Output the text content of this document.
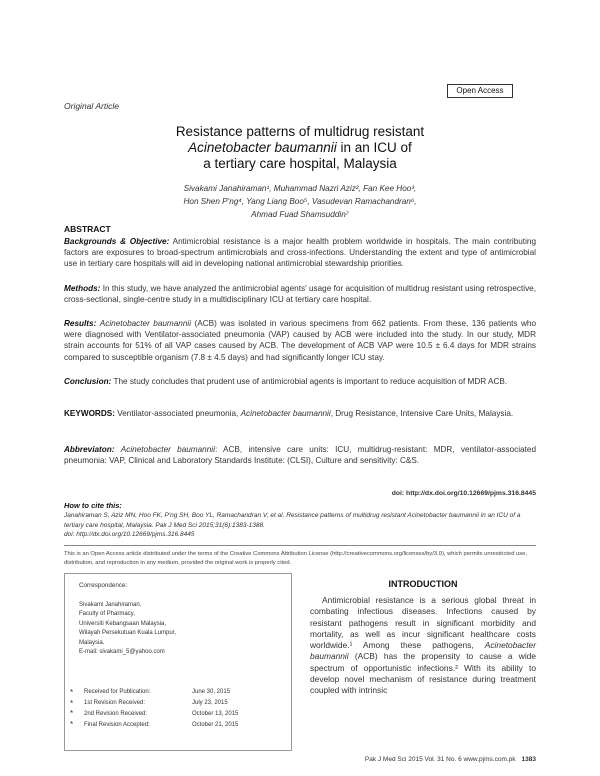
Open Access
Original Article
Resistance patterns of multidrug resistant
Acinetobacter baumannii in an ICU of
a tertiary care hospital, Malaysia
Sivakami Janahiraman¹, Muhammad Nazri Aziz², Fan Kee Hoo³,
Hon Shen P'ng⁴, Yang Liang Boo⁵, Vasudevan Ramachandran⁶,
Ahmad Fuad Shamsuddin⁷
ABSTRACT
Backgrounds & Objective: Antimicrobial resistance is a major health problem worldwide in hospitals. The main contributing factors are exposures to broad-spectrum antimicrobials and cross-infections. Understanding the extent and type of antimicrobial use in tertiary care hospitals will aid in developing national antimicrobial stewardship priorities.
Methods: In this study, we have analyzed the antimicrobial agents' usage for acquisition of multidrug resistant using retrospective, cross-sectional, single-centre study in a multidisciplinary ICU at tertiary care hospital.
Results: Acinetobacter baumannii (ACB) was isolated in various specimens from 662 patients. From these, 136 patients who were diagnosed with Ventilator-associated pneumonia (VAP) caused by ACB were included into the study. In our study, MDR strain accounts for 51% of all VAP cases caused by ACB. The development of ACB VAP were 10.5 ± 6.4 days for MDR strains compared to susceptible organism (7.8 ± 4.5 days) and had significantly longer ICU stay.
Conclusion: The study concludes that prudent use of antimicrobial agents is important to reduce acquisition of MDR ACB.
KEYWORDS: Ventilator-associated pneumonia, Acinetobacter baumannii, Drug Resistance, Intensive Care Units, Malaysia.
Abbreviaton: Acinetobacter baumannii: ACB, intensive care units: ICU, multidrug-resistant: MDR, ventilator-associated pneumonia: VAP, Clinical and Laboratory Standards Institute: (CLSI), Culture and sensitivity: C&S.
doi: http://dx.doi.org/10.12669/pjms.316.8445
How to cite this:
Janahiraman S, Aziz MN, Hoo FK, P'ng SH, Boo YL, Ramachandran V, et al. Resistance patterns of multidrug resistant Acinetobacter baumannii in an ICU of a tertiary care hospital, Malaysia. Pak J Med Sci 2015;31(6):1383-1388.
doi: http://dx.doi.org/10.12669/pjms.316.8445
This is an Open Access article distributed under the terms of the Creative Commons Attribution License (http://creativecommons.org/licenses/by/3.0), which permits unrestricted use, distribution, and reproduction in any medium, provided the original work is properly cited.
Correspondence:
Sivakami Janahiraman,
Faculty of Pharmacy,
Universiti Kebangsaan Malaysia,
Wilayah Persekutuan Kuala Lumpur,
Malaysia.
E-mail: sivakami_5@yahoo.com
*	Received for Publication:	June 30, 2015
*	1st Revision Received:	July 23, 2015
*	2nd Revision Received:	October 13, 2015
*	Final Revision Accepted:	October 21, 2015
INTRODUCTION
Antimicrobial resistance is a serious global threat in combating infectious diseases. Infections caused by resistant pathogens result in significant morbidity and mortality, as well as incur significant healthcare costs worldwide.¹ Among these pathogens, Acinetobacter baumannii (ACB) has the propensity to cause a wide spectrum of opportunistic infections.² With its ability to develop novel mechanism of resistance during treatment coupled with intrinsic
Pak J Med Sci 2015 Vol. 31 No. 6 www.pjms.com.pk 1383
